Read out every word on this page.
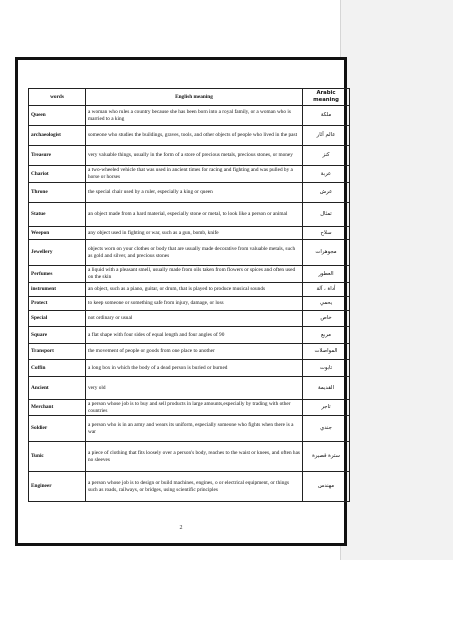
words	English meaning	Arabic meaning
Queen	a woman who rules a country because she has been born into a royal family, or a woman who is married to a king	ملكة
archaeologist	someone who studies the buildings, graves, tools, and other objects of people who lived in the past	عالم آثار
Treasure	very valuable things, usually in the form of a store of precious metals, precious stones, or money	كنز
Chariot	a two-wheeled vehicle that was used in ancient times for racing and fighting and was pulled by a horse or horses	عربة
Throne	the special chair used by a ruler, especially a king or queen	عرش
Statue	an object made from a hard material, especially stone or metal, to look like a person or animal	تمثال
Weepon	any object used in fighting or war, such as a gun, bomb, knife	سلاح
Jewellery	objects worn on your clothes or body that are usually made decorative from valuable metals, such as gold and silver, and precious stones	مجوهرات
Perfumes	a liquid with a pleasant smell, usually made from oils taken from flowers or spices and often used on the skin	العطور
instrument	an object, such as a piano, guitar, or drum, that is played to produce musical sounds	أداة ، آلة
Protect	to keep someone or something safe from injury, damage, or loss	يحمي
Special	not ordinary or usual	خاص
Square	a flat shape with four sides of equal length and four angles of 90	مربع
Transport	the movement of people or goods from one place to another	المواصلات
Coffin	a long box in which the body of a dead person is buried or burned	تابوت
Ancient	very old	القديمة
Merchant	a person whose job is to buy and sell products in large amounts,especially by trading with other countries	تاجر
Soldier	a person who is in an army and wears its uniform, especially someone who fights when there is a war	جندي
Tunic	a piece of clothing that fits loosely over a person's body, reaches to the waist or knees, and often has no sleeves	سترة قصيرة
Engineer	a person whose job is to design or build machines, engines, o or electrical equipment, or things such as roads, railways, or bridges, using scientific principles	مهندس
2
